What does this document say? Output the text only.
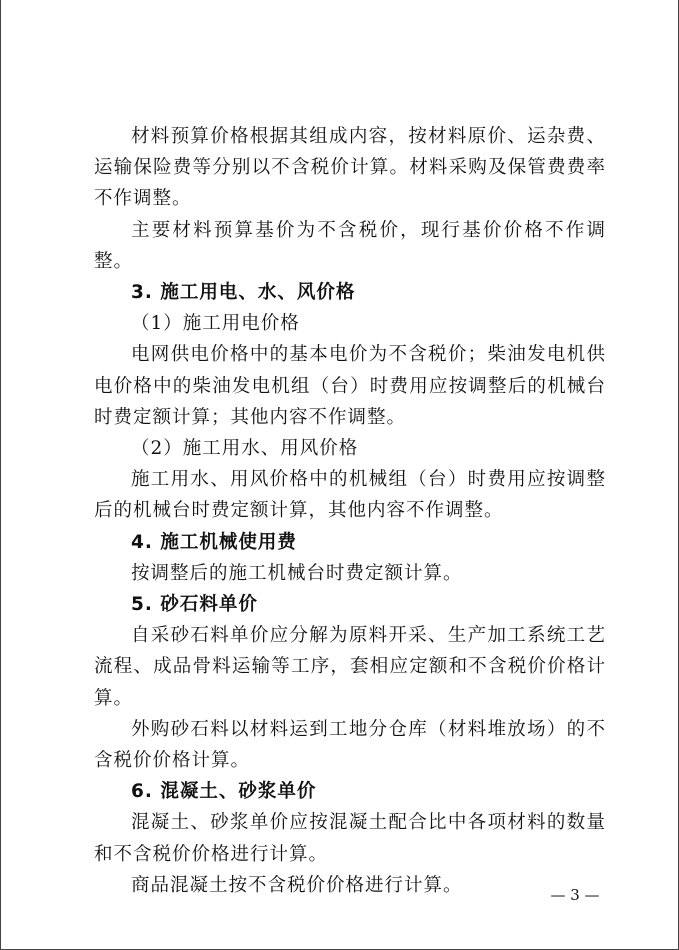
材料预算价格根据其组成内容，按材料原价、运杂费、运输保险费等分别以不含税价计算。材料采购及保管费费率不作调整。

主要材料预算基价为不含税价，现行基价价格不作调整。

3. 施工用电、水、风价格

（1）施工用电价格

电网供电价格中的基本电价为不含税价；柴油发电机供电价格中的柴油发电机组（台）时费用应按调整后的机械台时费定额计算；其他内容不作调整。

（2）施工用水、用风价格

施工用水、用风价格中的机械组（台）时费用应按调整后的机械台时费定额计算，其他内容不作调整。

4. 施工机械使用费

按调整后的施工机械台时费定额计算。

5. 砂石料单价

自采砂石料单价应分解为原料开采、生产加工系统工艺流程、成品骨料运输等工序，套相应定额和不含税价价格计算。

外购砂石料以材料运到工地分仓库（材料堆放场）的不含税价价格计算。

6. 混凝土、砂浆单价

混凝土、砂浆单价应按混凝土配合比中各项材料的数量和不含税价价格进行计算。

商品混凝土按不含税价价格进行计算。	— 3 —
